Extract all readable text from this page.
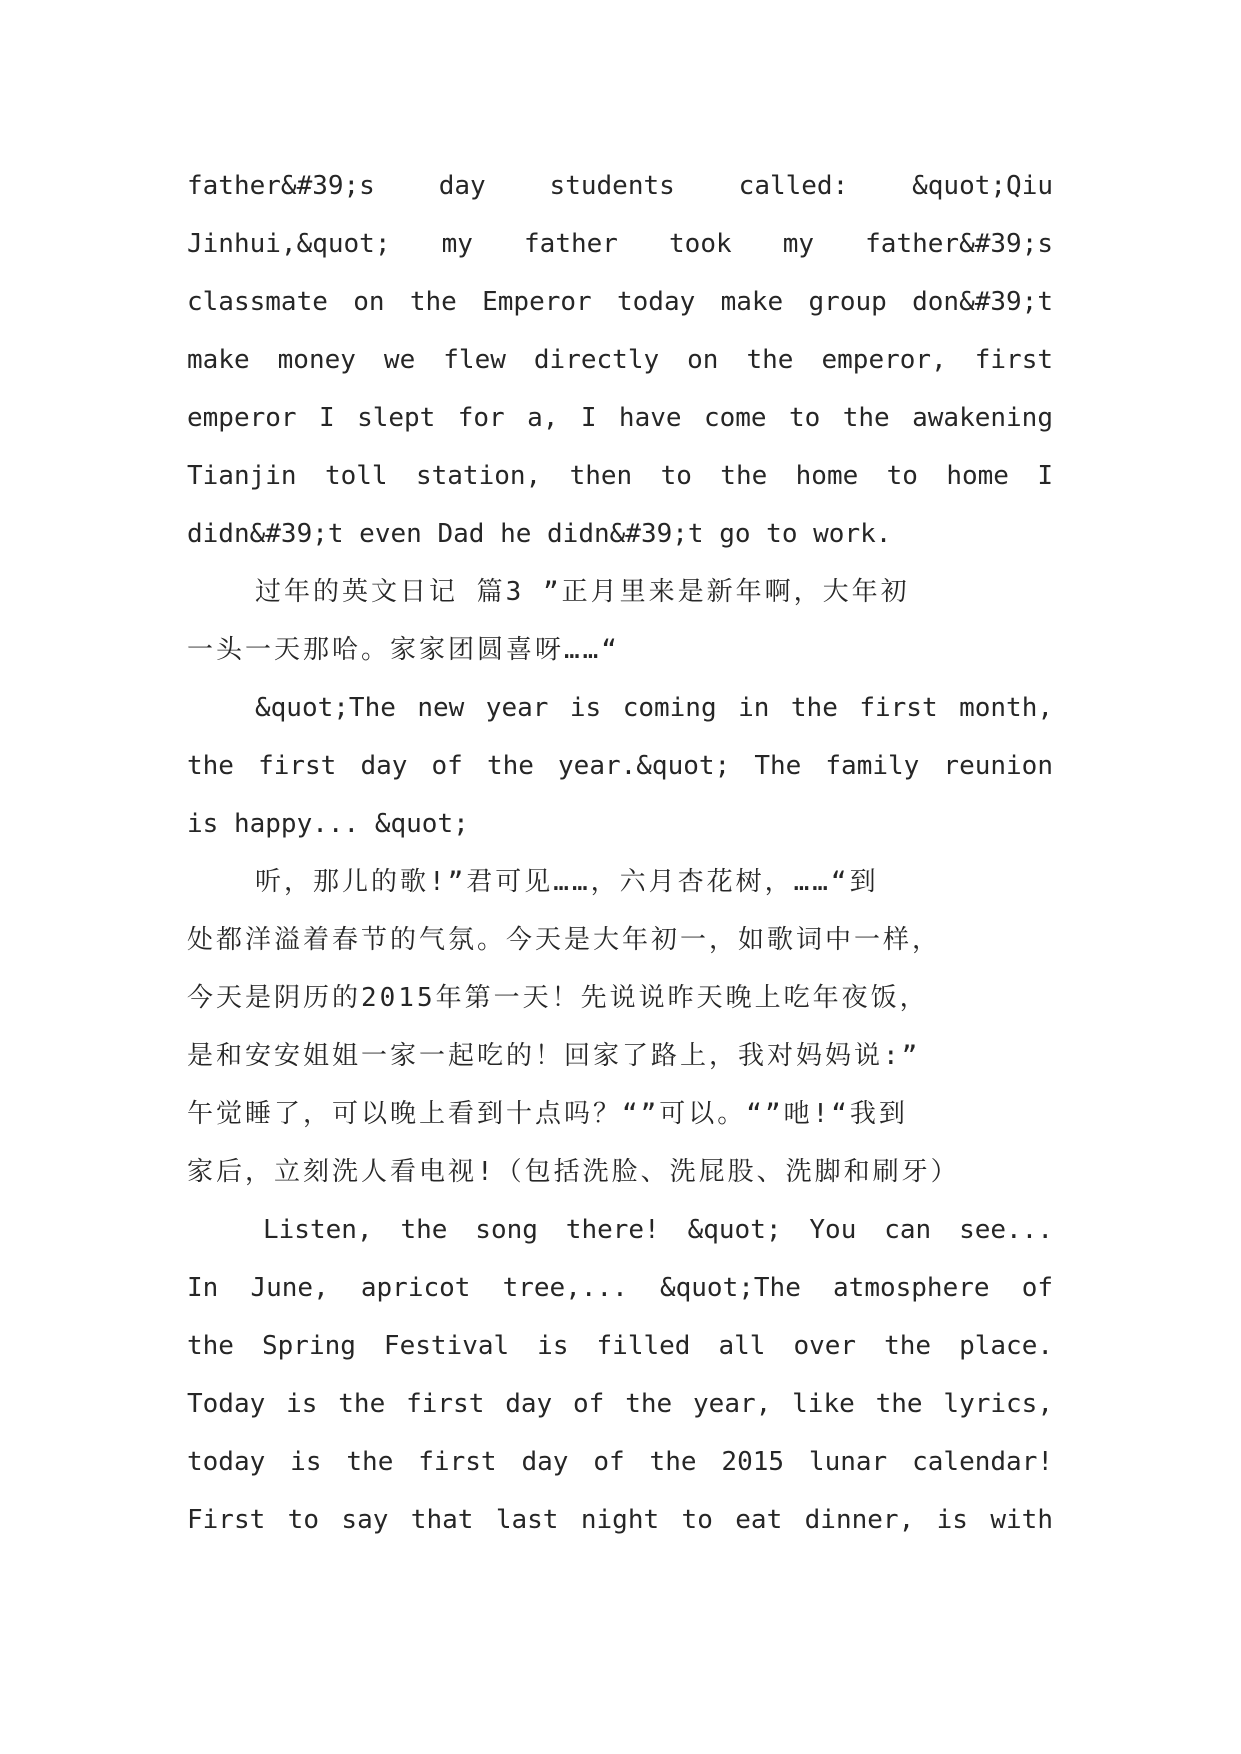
father&#39;s day students called: &quot;Qiu
Jinhui,&quot; my father took my father&#39;s
classmate on the Emperor today make group don&#39;t
make money we flew directly on the emperor, first
emperor I slept for a, I have come to the awakening
Tianjin toll station, then to the home to home I
didn&#39;t even Dad he didn&#39;t go to work.
过年的英文日记 篇3 ”正月里来是新年啊，大年初
一头一天那哈。家家团圆喜呀……“
&quot;The new year is coming in the first month,
the first day of the year.&quot; The family reunion
is happy... &quot;
听，那儿的歌!”君可见……，六月杏花树，……“到
处都洋溢着春节的气氛。今天是大年初一，如歌词中一样，
今天是阴历的2015年第一天！先说说昨天晚上吃年夜饭，
是和安安姐姐一家一起吃的！回家了路上，我对妈妈说:”
午觉睡了，可以晚上看到十点吗？“”可以。“”吔!“我到
家后，立刻洗人看电视!（包括洗脸、洗屁股、洗脚和刷牙）
Listen, the song there! &quot; You can see...
In June, apricot tree,... &quot;The atmosphere of
the Spring Festival is filled all over the place.
Today is the first day of the year, like the lyrics,
today is the first day of the 2015 lunar calendar!
First to say that last night to eat dinner, is with
